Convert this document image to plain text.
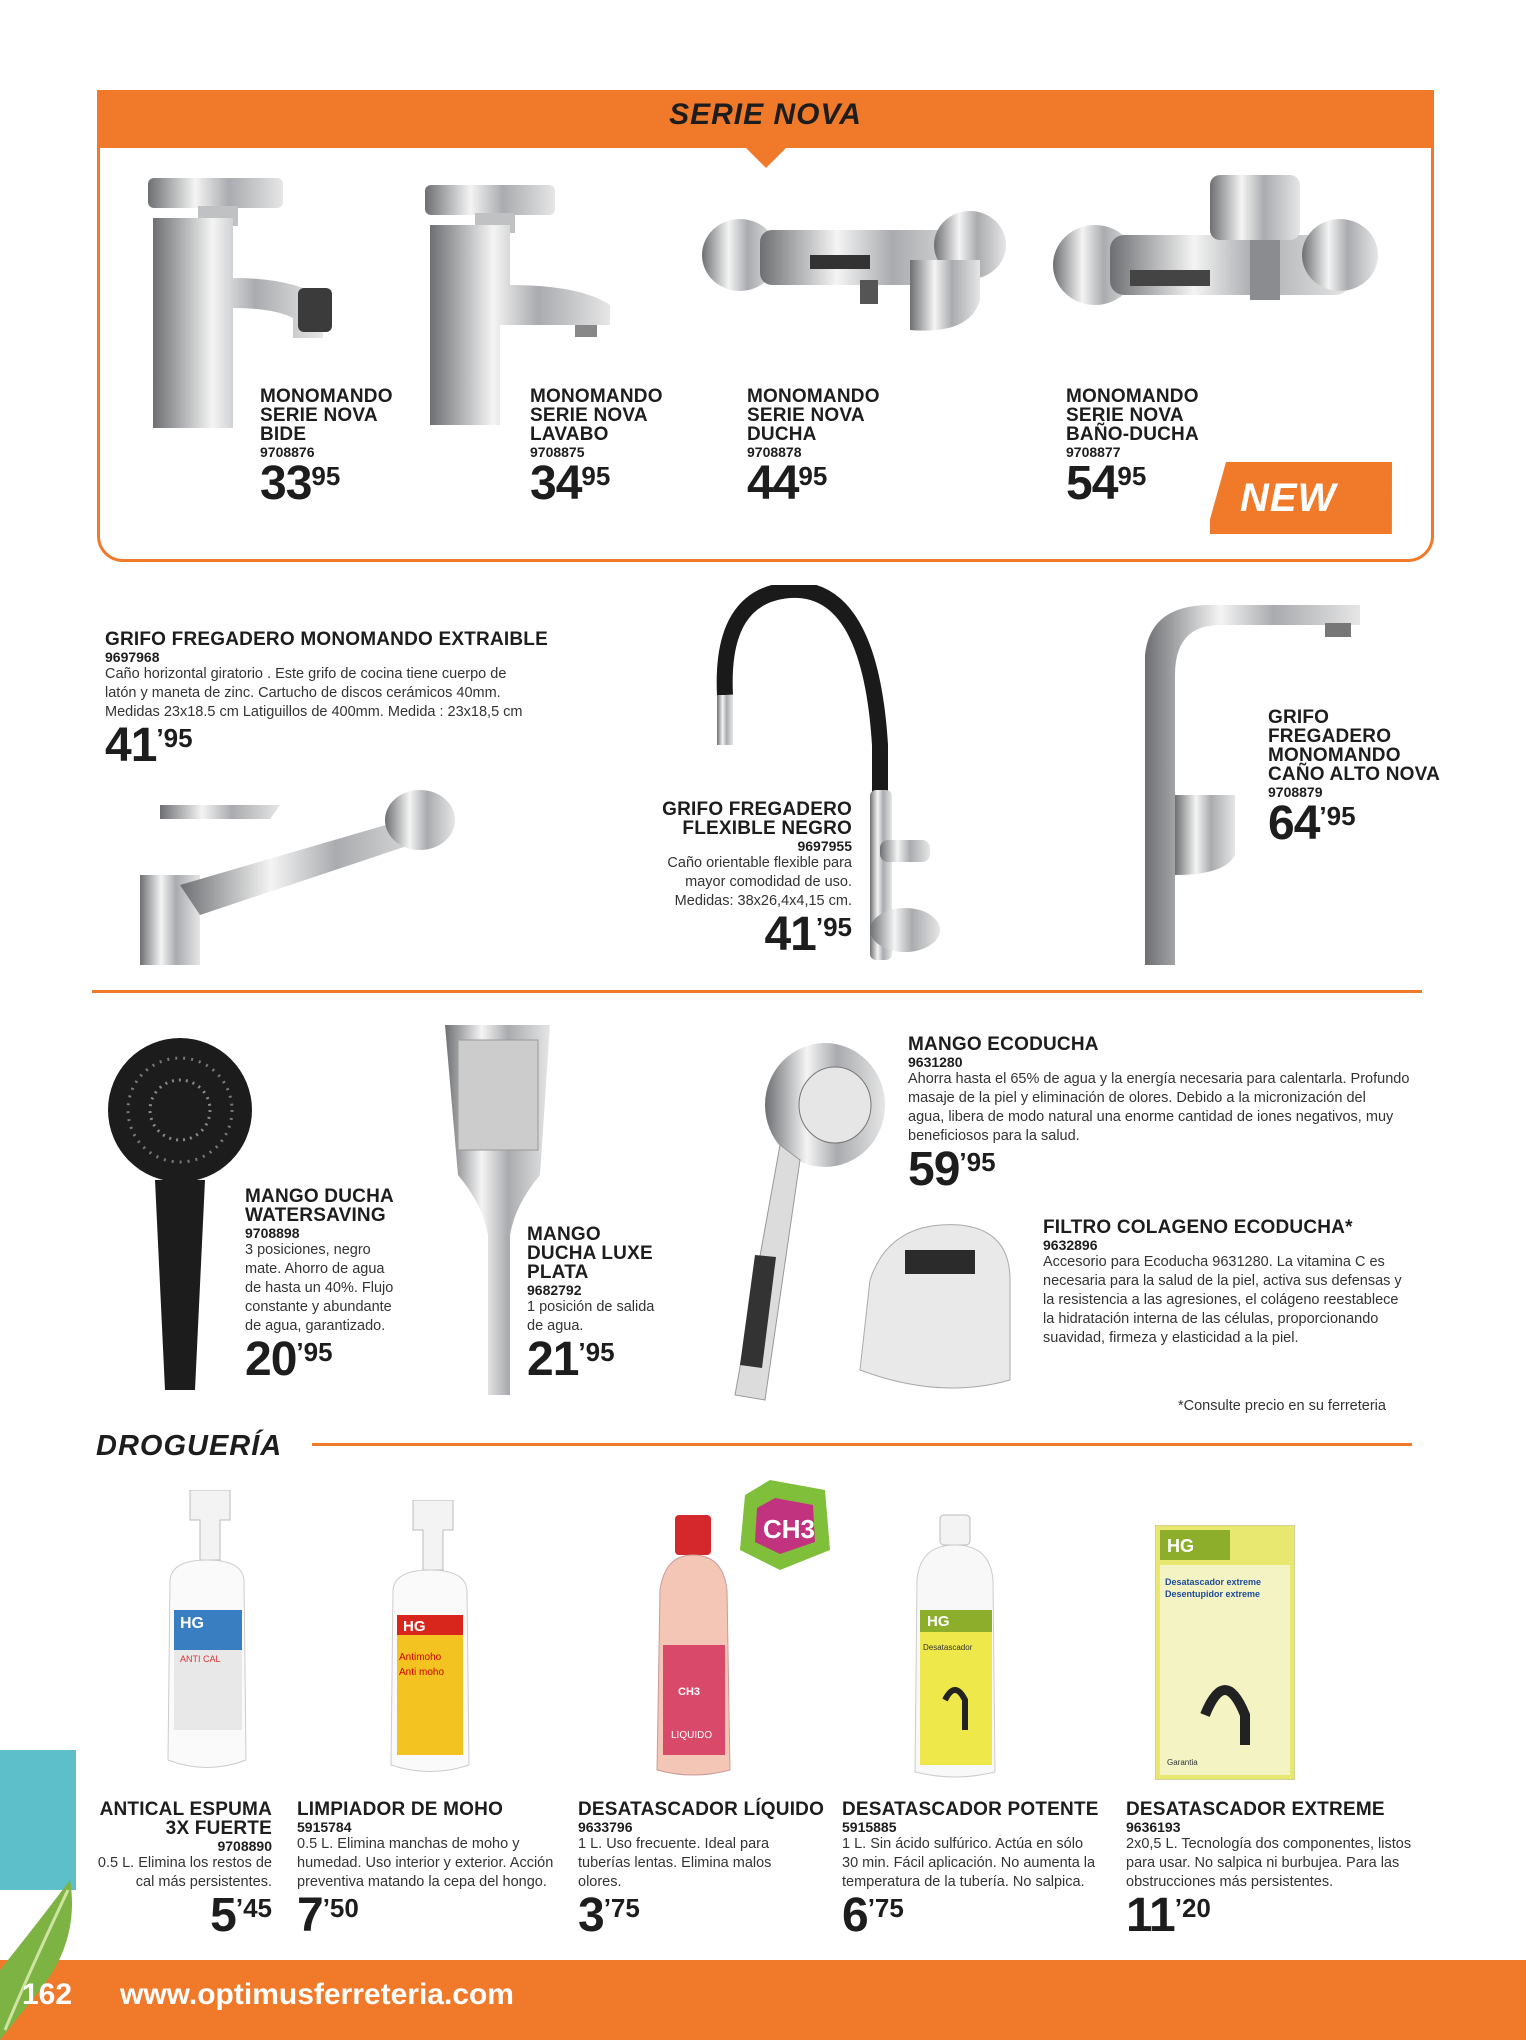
SERIE NOVA
MONOMANDO
SERIE NOVA
BIDE
9708876
3395
MONOMANDO
SERIE NOVA
LAVABO
9708875
3495
MONOMANDO
SERIE NOVA
DUCHA
9708878
4495
MONOMANDO
SERIE NOVA
BAÑO-DUCHA
9708877
5495	NEW
GRIFO FREGADERO MONOMANDO EXTRAIBLE
9697968
Caño horizontal giratorio . Este grifo de cocina tiene cuerpo de
latón y maneta de zinc. Cartucho de discos cerámicos 40mm.
Medidas 23x18.5 cm Latiguillos de 400mm. Medida : 23x18,5 cm
41’95
GRIFO FREGADERO
FLEXIBLE NEGRO
9697955
Caño orientable flexible para
mayor comodidad de uso.
Medidas: 38x26,4x4,15 cm.
41’95
GRIFO
FREGADERO
MONOMANDO
CAÑO ALTO NOVA
9708879
64’95
MANGO DUCHA
WATERSAVING
9708898
3 posiciones, negro
mate. Ahorro de agua
de hasta un 40%. Flujo
constante y abundante
de agua, garantizado.
20’95
MANGO
DUCHA LUXE
PLATA
9682792
1 posición de salida
de agua.
21’95
MANGO ECODUCHA
9631280
Ahorra hasta el 65% de agua y la energía necesaria para calentarla. Profundo
masaje de la piel y eliminación de olores. Debido a la micronización del
agua, libera de modo natural una enorme cantidad de iones negativos, muy
beneficiosos para la salud.
59’95
FILTRO COLAGENO ECODUCHA*
9632896
Accesorio para Ecoducha 9631280. La vitamina C es
necesaria para la salud de la piel, activa sus defensas y
la resistencia a las agresiones, el colágeno reestablece
la hidratación interna de las células, proporcionando
suavidad, firmeza y elasticidad a la piel.
*Consulte precio en su ferreteria
DROGUERÍA
HG
ANTI CAL
HG
Antimoho
Anti moho
CH3
CH3
LIQUIDO
HG
Desatascador
HG
Desatascador extreme
Desentupidor extreme
Garantia
ANTICAL ESPUMA
3X FUERTE
9708890
0.5 L. Elimina los restos de
cal más persistentes.
5’45
LIMPIADOR DE MOHO
5915784
0.5 L. Elimina manchas de moho y
humedad. Uso interior y exterior. Acción
preventiva matando la cepa del hongo.
7’50
DESATASCADOR LÍQUIDO
9633796
1 L. Uso frecuente. Ideal para
tuberías lentas. Elimina malos
olores.
3’75
DESATASCADOR POTENTE
5915885
1 L. Sin ácido sulfúrico. Actúa en sólo
30 min. Fácil aplicación. No aumenta la
temperatura de la tubería. No salpica.
6’75
DESATASCADOR EXTREME
9636193
2x0,5 L. Tecnología dos componentes, listos
para usar. No salpica ni burbujea. Para las
obstrucciones más persistentes.
11’20
162 www.optimusferreteria.com
